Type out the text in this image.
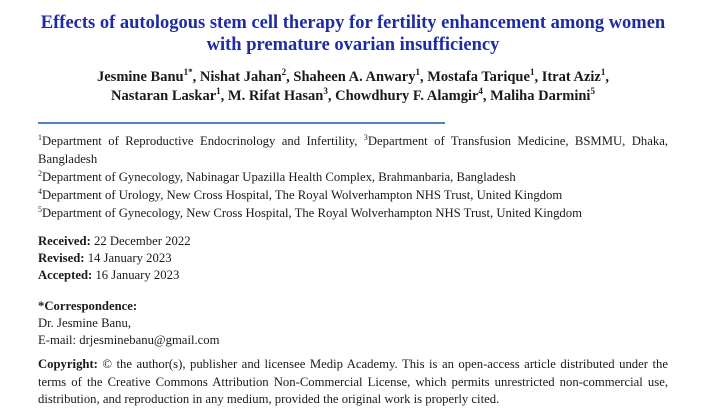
Effects of autologous stem cell therapy for fertility enhancement among women with premature ovarian insufficiency
Jesmine Banu$^{1*}$, Nishat Jahan$^2$, Shaheen A. Anwary$^1$, Mostafa Tarique$^1$, Itrat Aziz$^1$,
Nastaran Laskar$^1$, M. Rifat Hasan$^3$, Chowdhury F. Alamgir$^4$, Maliha Darmini$^5$
$^1$Department of Reproductive Endocrinology and Infertility, $^3$Department of Transfusion Medicine, BSMMU, Dhaka, Bangladesh
$^2$Department of Gynecology, Nabinagar Upazilla Health Complex, Brahmanbaria, Bangladesh
$^4$Department of Urology, New Cross Hospital, The Royal Wolverhampton NHS Trust, United Kingdom
$^5$Department of Gynecology, New Cross Hospital, The Royal Wolverhampton NHS Trust, United Kingdom
Received: 22 December 2022
Revised: 14 January 2023
Accepted: 16 January 2023
*Correspondence:
Dr. Jesmine Banu,
E-mail: drjesminebanu@gmail.com

Copyright: © the author(s), publisher and licensee Medip Academy. This is an open-access article distributed under the terms of the Creative Commons Attribution Non-Commercial License, which permits unrestricted non-commercial use, distribution, and reproduction in any medium, provided the original work is properly cited.
